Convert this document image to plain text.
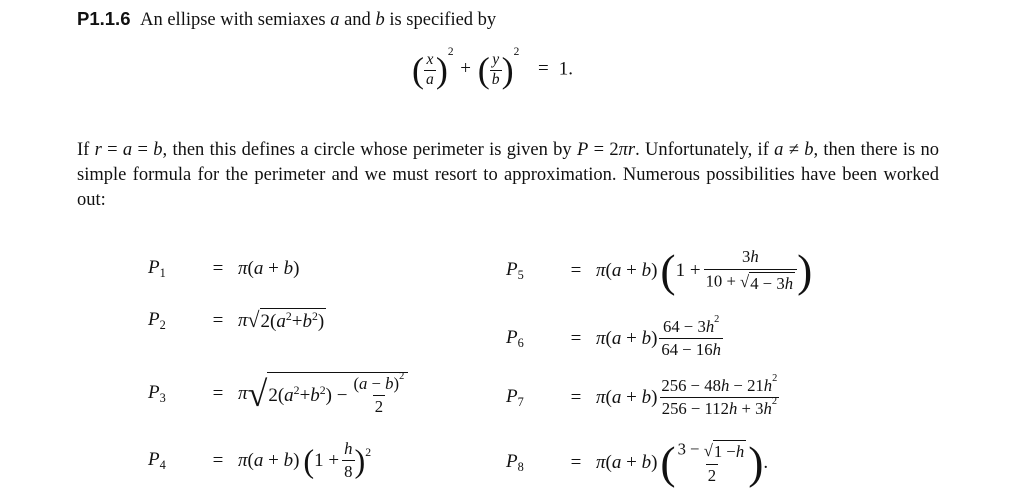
P1.1.6 An ellipse with semiaxes a and b is specified by
( $\frac{x}{a} )^2$ + ( $\frac{y}{b} )^2 = 1$.
If r = a = b, then this defines a circle whose perimeter is given by P = 2πr. Unfortunately, if a ≠ b, then there is no simple formula for the perimeter and we must resort to approximation. Numerous possibilities have been worked out:
$P_1$	= π(a + b)
$P_2$	= π √ 2( a 2 + b 2 )
$P_3$	= π √ 2( a 2 + b 2 ) − $\frac{(a - b)^2}{2}$
$P_4$	= π(a + b) ( $1 + \frac{h}{8}$ ) 2
$P_5$	= π(a + b) ( $1 + \frac{3h}{10 + √ 4 - 3 h}$ )
$P_6$	= $\pi(a + b) \frac{64 - 3h^2}{64 - 16h}$
$P_7$	= $\pi(a + b) \frac{256 - 48h - 21h^2}{256 - 112h + 3h^2}$
$P_8$	= π(a + b) ( $\frac{3 - √ 1 - h}{2}$ ) .
